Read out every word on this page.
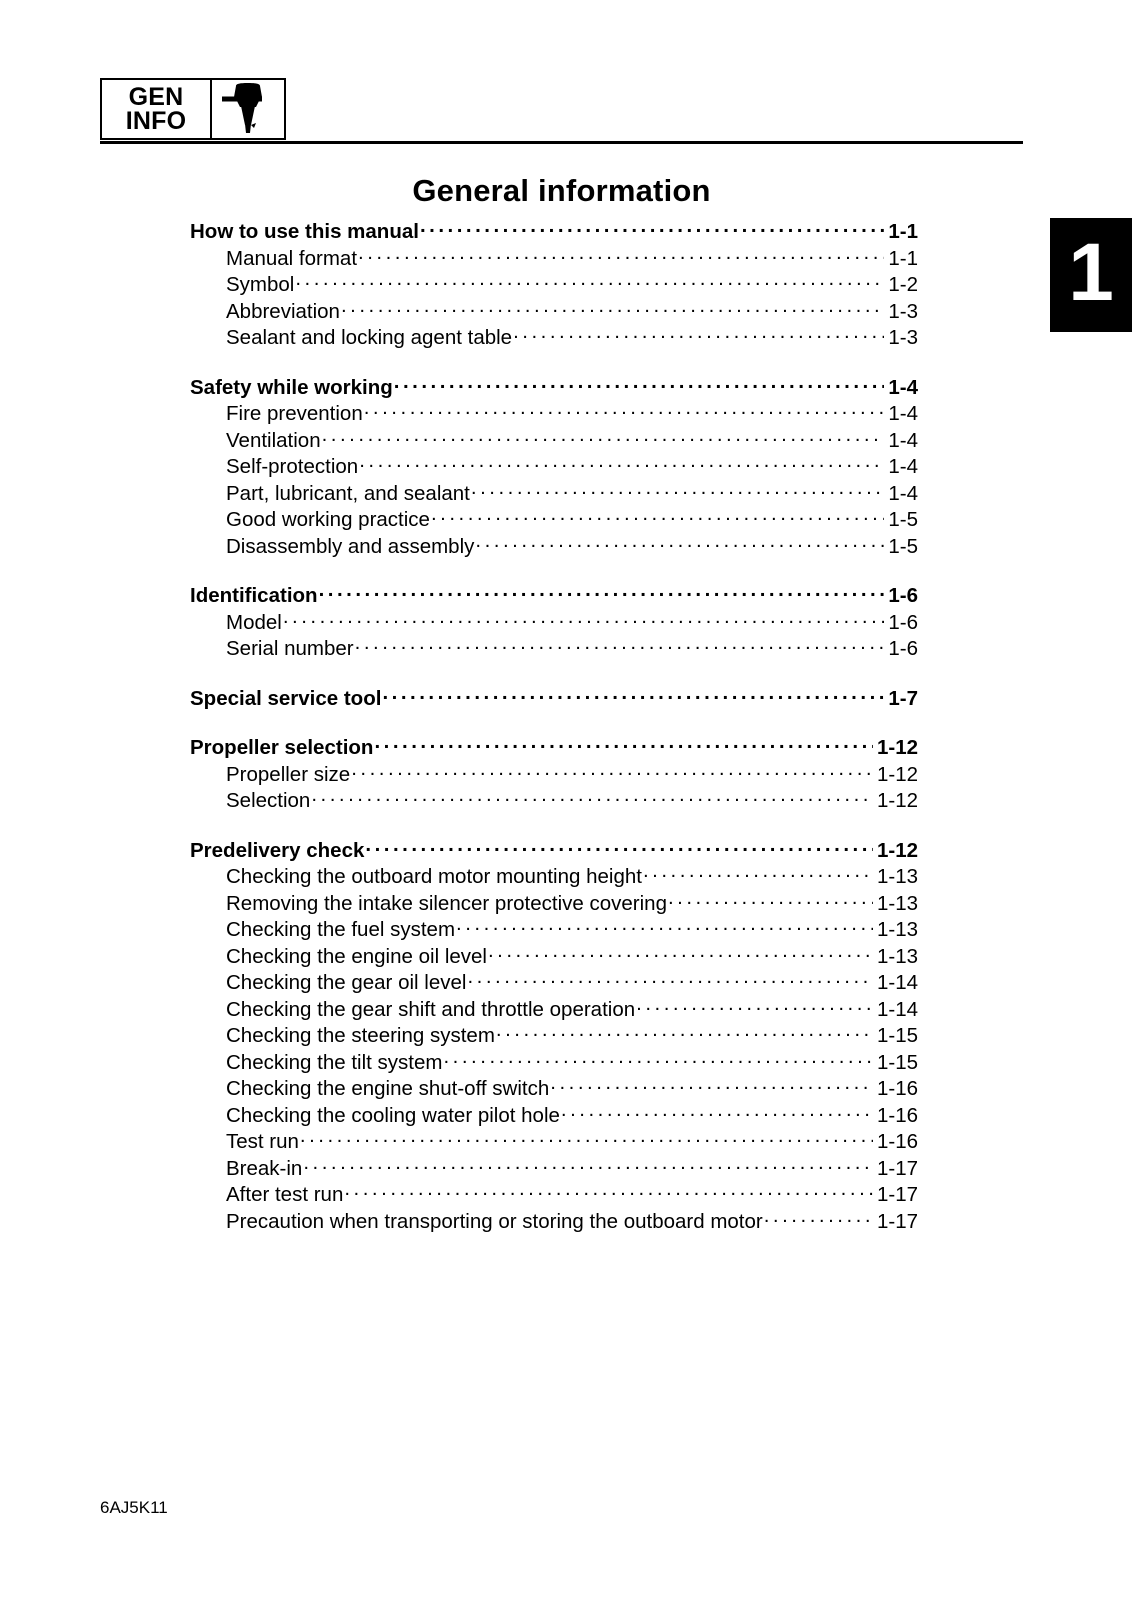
GEN
INFO
1
General information
How to use this manual . . .	1-1
Manual format . . .	1-1
Symbol . . .	1-2
Abbreviation . . .	1-3
Sealant and locking agent table . . .	1-3
Safety while working . . .	1-4
Fire prevention . . .	1-4
Ventilation . . .	1-4
Self-protection . . .	1-4
Part, lubricant, and sealant . . .	1-4
Good working practice . . .	1-5
Disassembly and assembly . . .	1-5
Identification . . .	1-6
Model . . .	1-6
Serial number . . .	1-6
Special service tool . . .	1-7
Propeller selection . . .	1-12
Propeller size . . .	1-12
Selection . . .	1-12
Predelivery check . . .	1-12
Checking the outboard motor mounting height . . .	1-13
Removing the intake silencer protective covering . . .	1-13
Checking the fuel system . . .	1-13
Checking the engine oil level . . .	1-13
Checking the gear oil level . . .	1-14
Checking the gear shift and throttle operation . . .	1-14
Checking the steering system . . .	1-15
Checking the tilt system . . .	1-15
Checking the engine shut-off switch . . .	1-16
Checking the cooling water pilot hole . . .	1-16
Test run . . .	1-16
Break-in . . .	1-17
After test run . . .	1-17
Precaution when transporting or storing the outboard motor . . .	1-17
6AJ5K11
